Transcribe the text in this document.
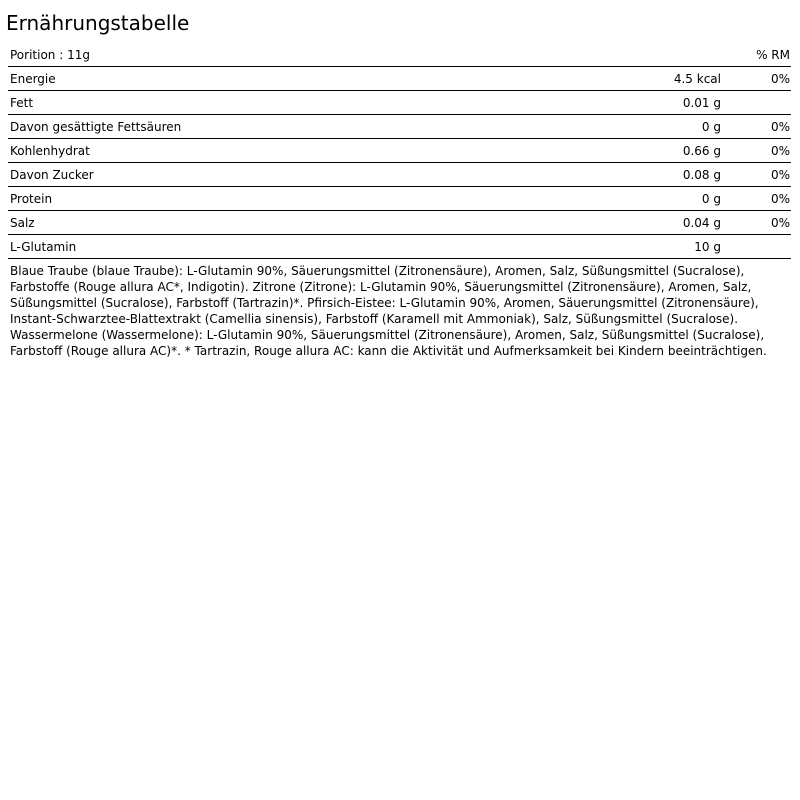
Ernährungstabelle
Porition : 11g	% RM
Energie	4.5 kcal	0%
Fett	0.01 g
Davon gesättigte Fettsäuren	0 g	0%
Kohlenhydrat	0.66 g	0%
Davon Zucker	0.08 g	0%
Protein	0 g	0%
Salz	0.04 g	0%
L-Glutamin	10 g

Blaue Traube (blaue Traube): L-Glutamin 90%, Säuerungsmittel (Zitronensäure), Aromen, Salz, Süßungsmittel (Sucralose), Farbstoffe (Rouge allura AC*, Indigotin). Zitrone (Zitrone): L-Glutamin 90%, Säuerungsmittel (Zitronensäure), Aromen, Salz, Süßungsmittel (Sucralose), Farbstoff (Tartrazin)*. Pfirsich-Eistee: L-Glutamin 90%, Aromen, Säuerungsmittel (Zitronensäure), Instant-Schwarztee-Blattextrakt (Camellia sinensis), Farbstoff (Karamell mit Ammoniak), Salz, Süßungsmittel (Sucralose). Wassermelone (Wassermelone): L-Glutamin 90%, Säuerungsmittel (Zitronensäure), Aromen, Salz, Süßungsmittel (Sucralose), Farbstoff (Rouge allura AC)*. * Tartrazin, Rouge allura AC: kann die Aktivität und Aufmerksamkeit bei Kindern beeinträchtigen.
